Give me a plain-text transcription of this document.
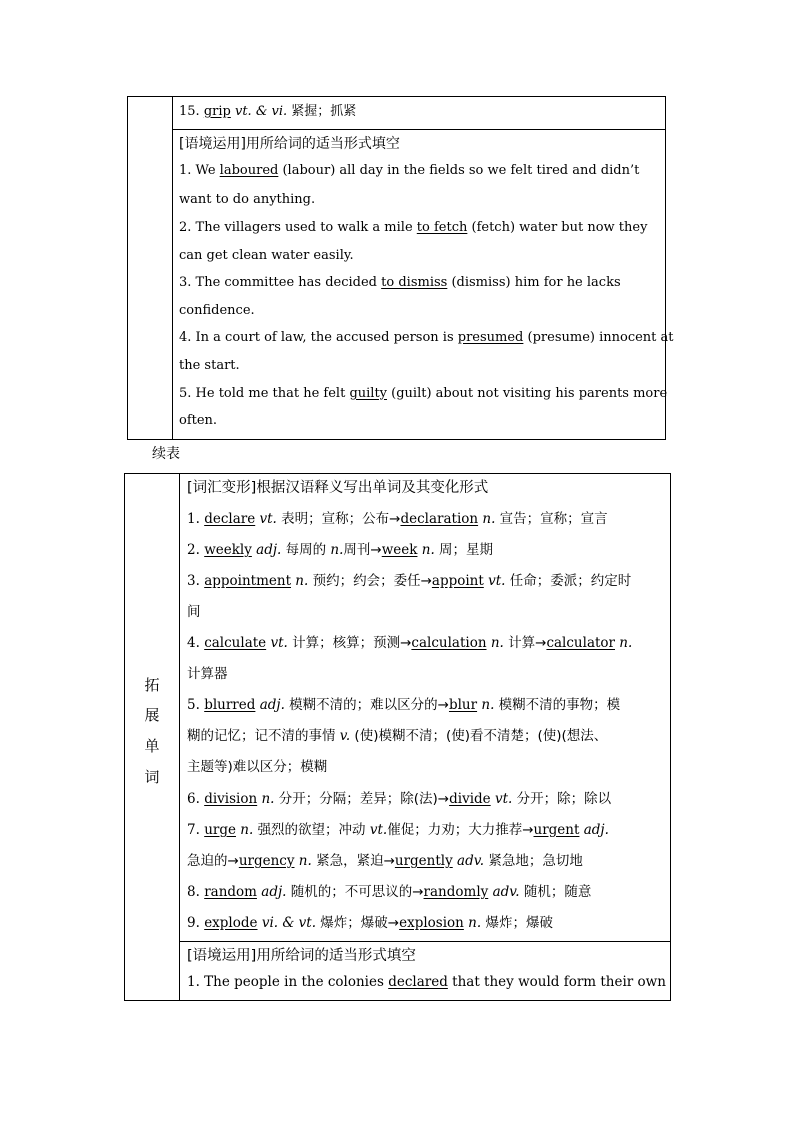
15. grip vt. & vi. 紧握；抓紧
[语境运用]用所给词的适当形式填空
1. We laboured (labour) all day in the fields so we felt tired and didn’t
want to do anything.
2. The villagers used to walk a mile to fetch (fetch) water but now they
can get clean water easily.
3. The committee has decided to dismiss (dismiss) him for he lacks
confidence.
4. In a court of law, the accused person is presumed (presume) innocent at
the start.
5. He told me that he felt guilty (guilt) about not visiting his parents more
often.
续表
拓
展
单
词
[词汇变形]根据汉语释义写出单词及其变化形式
1. declare vt. 表明；宣称；公布→declaration n. 宣告；宣称；宣言
2. weekly adj. 每周的 n.周刊→week n. 周；星期
3. appointment n. 预约；约会；委任→appoint vt. 任命；委派；约定时
间
4. calculate vt. 计算；核算；预测→calculation n. 计算→calculator n.
计算器
5. blurred adj. 模糊不清的；难以区分的→blur n. 模糊不清的事物；模
糊的记忆；记不清的事情 v. (使)模糊不清；(使)看不清楚；(使)(想法、
主题等)难以区分；模糊
6. division n. 分开；分隔；差异；除(法)→divide vt. 分开；除；除以
7. urge n. 强烈的欲望；冲动 vt.催促；力劝；大力推荐→urgent adj.
急迫的→urgency n. 紧急，紧迫→urgently adv. 紧急地；急切地
8. random adj. 随机的；不可思议的→randomly adv. 随机；随意
9. explode vi. & vt. 爆炸；爆破→explosion n. 爆炸；爆破
[语境运用]用所给词的适当形式填空
1. The people in the colonies declared that they would form their own
